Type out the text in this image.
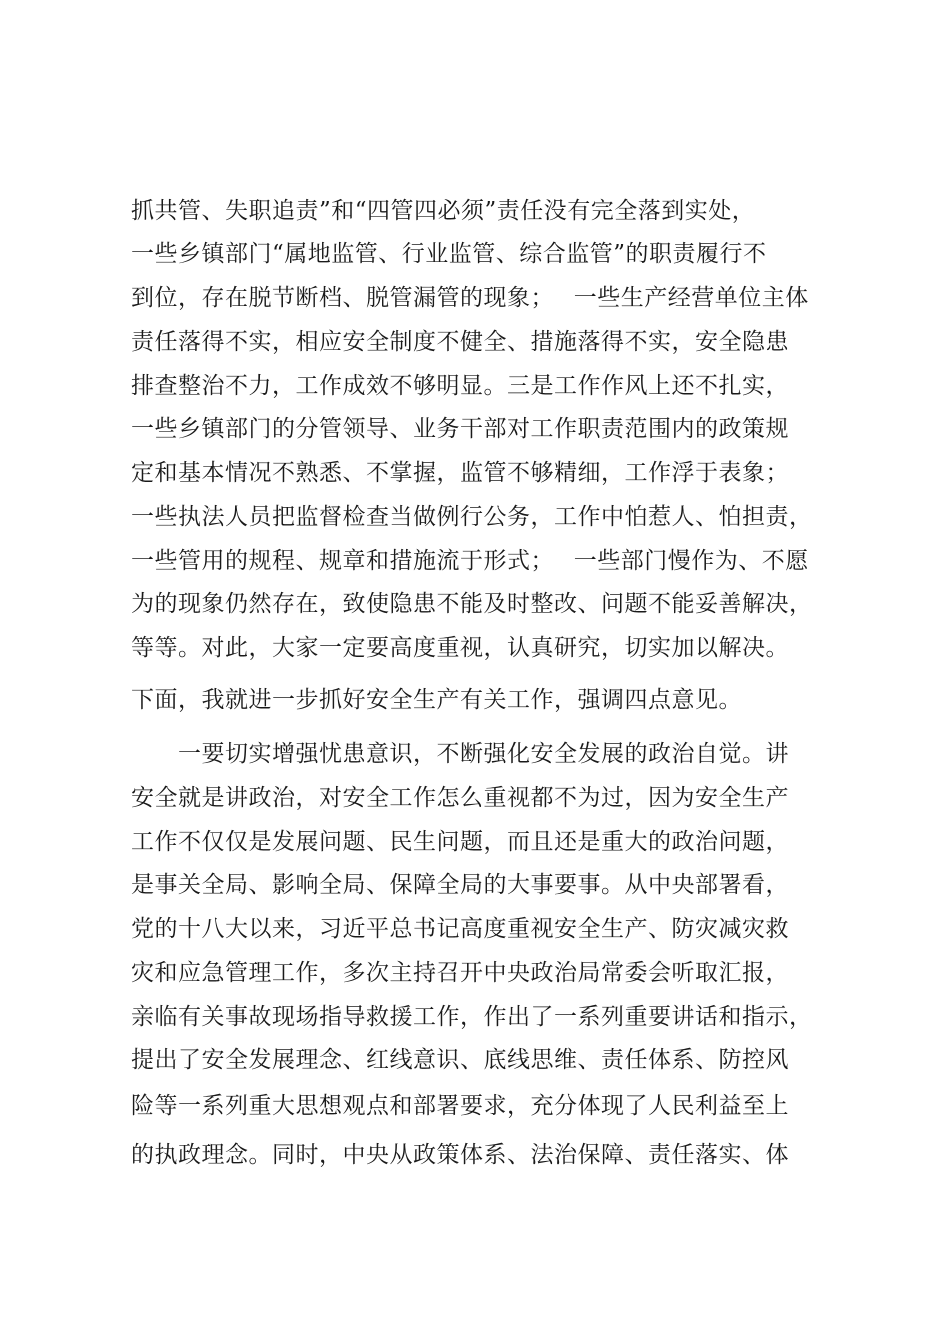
抓共管、失职追责”和“四管四必须”责任没有完全落到实处，
一些乡镇部门“属地监管、行业监管、综合监管”的职责履行不
到位，存在脱节断档、脱管漏管的现象；　 一些生产经营单位主体
责任落得不实，相应安全制度不健全、措施落得不实，安全隐患
排查整治不力，工作成效不够明显。三是工作作风上还不扎实，
一些乡镇部门的分管领导、业务干部对工作职责范围内的政策规
定和基本情况不熟悉、不掌握，监管不够精细，工作浮于表象；
一些执法人员把监督检查当做例行公务，工作中怕惹人、怕担责，
一些管用的规程、规章和措施流于形式；　 一些部门慢作为、不愿
为的现象仍然存在，致使隐患不能及时整改、问题不能妥善解决，
等等。对此，大家一定要高度重视，认真研究，切实加以解决。
下面，我就进一步抓好安全生产有关工作，强调四点意见。
　　一要切实增强忧患意识，不断强化安全发展的政治自觉。讲
安全就是讲政治，对安全工作怎么重视都不为过，因为安全生产
工作不仅仅是发展问题、民生问题，而且还是重大的政治问题，
是事关全局、影响全局、保障全局的大事要事。从中央部署看，
党的十八大以来，习近平总书记高度重视安全生产、防灾减灾救
灾和应急管理工作，多次主持召开中央政治局常委会听取汇报，
亲临有关事故现场指导救援工作，作出了一系列重要讲话和指示，
提出了安全发展理念、红线意识、底线思维、责任体系、防控风
险等一系列重大思想观点和部署要求，充分体现了人民利益至上
的执政理念。同时，中央从政策体系、法治保障、责任落实、体
